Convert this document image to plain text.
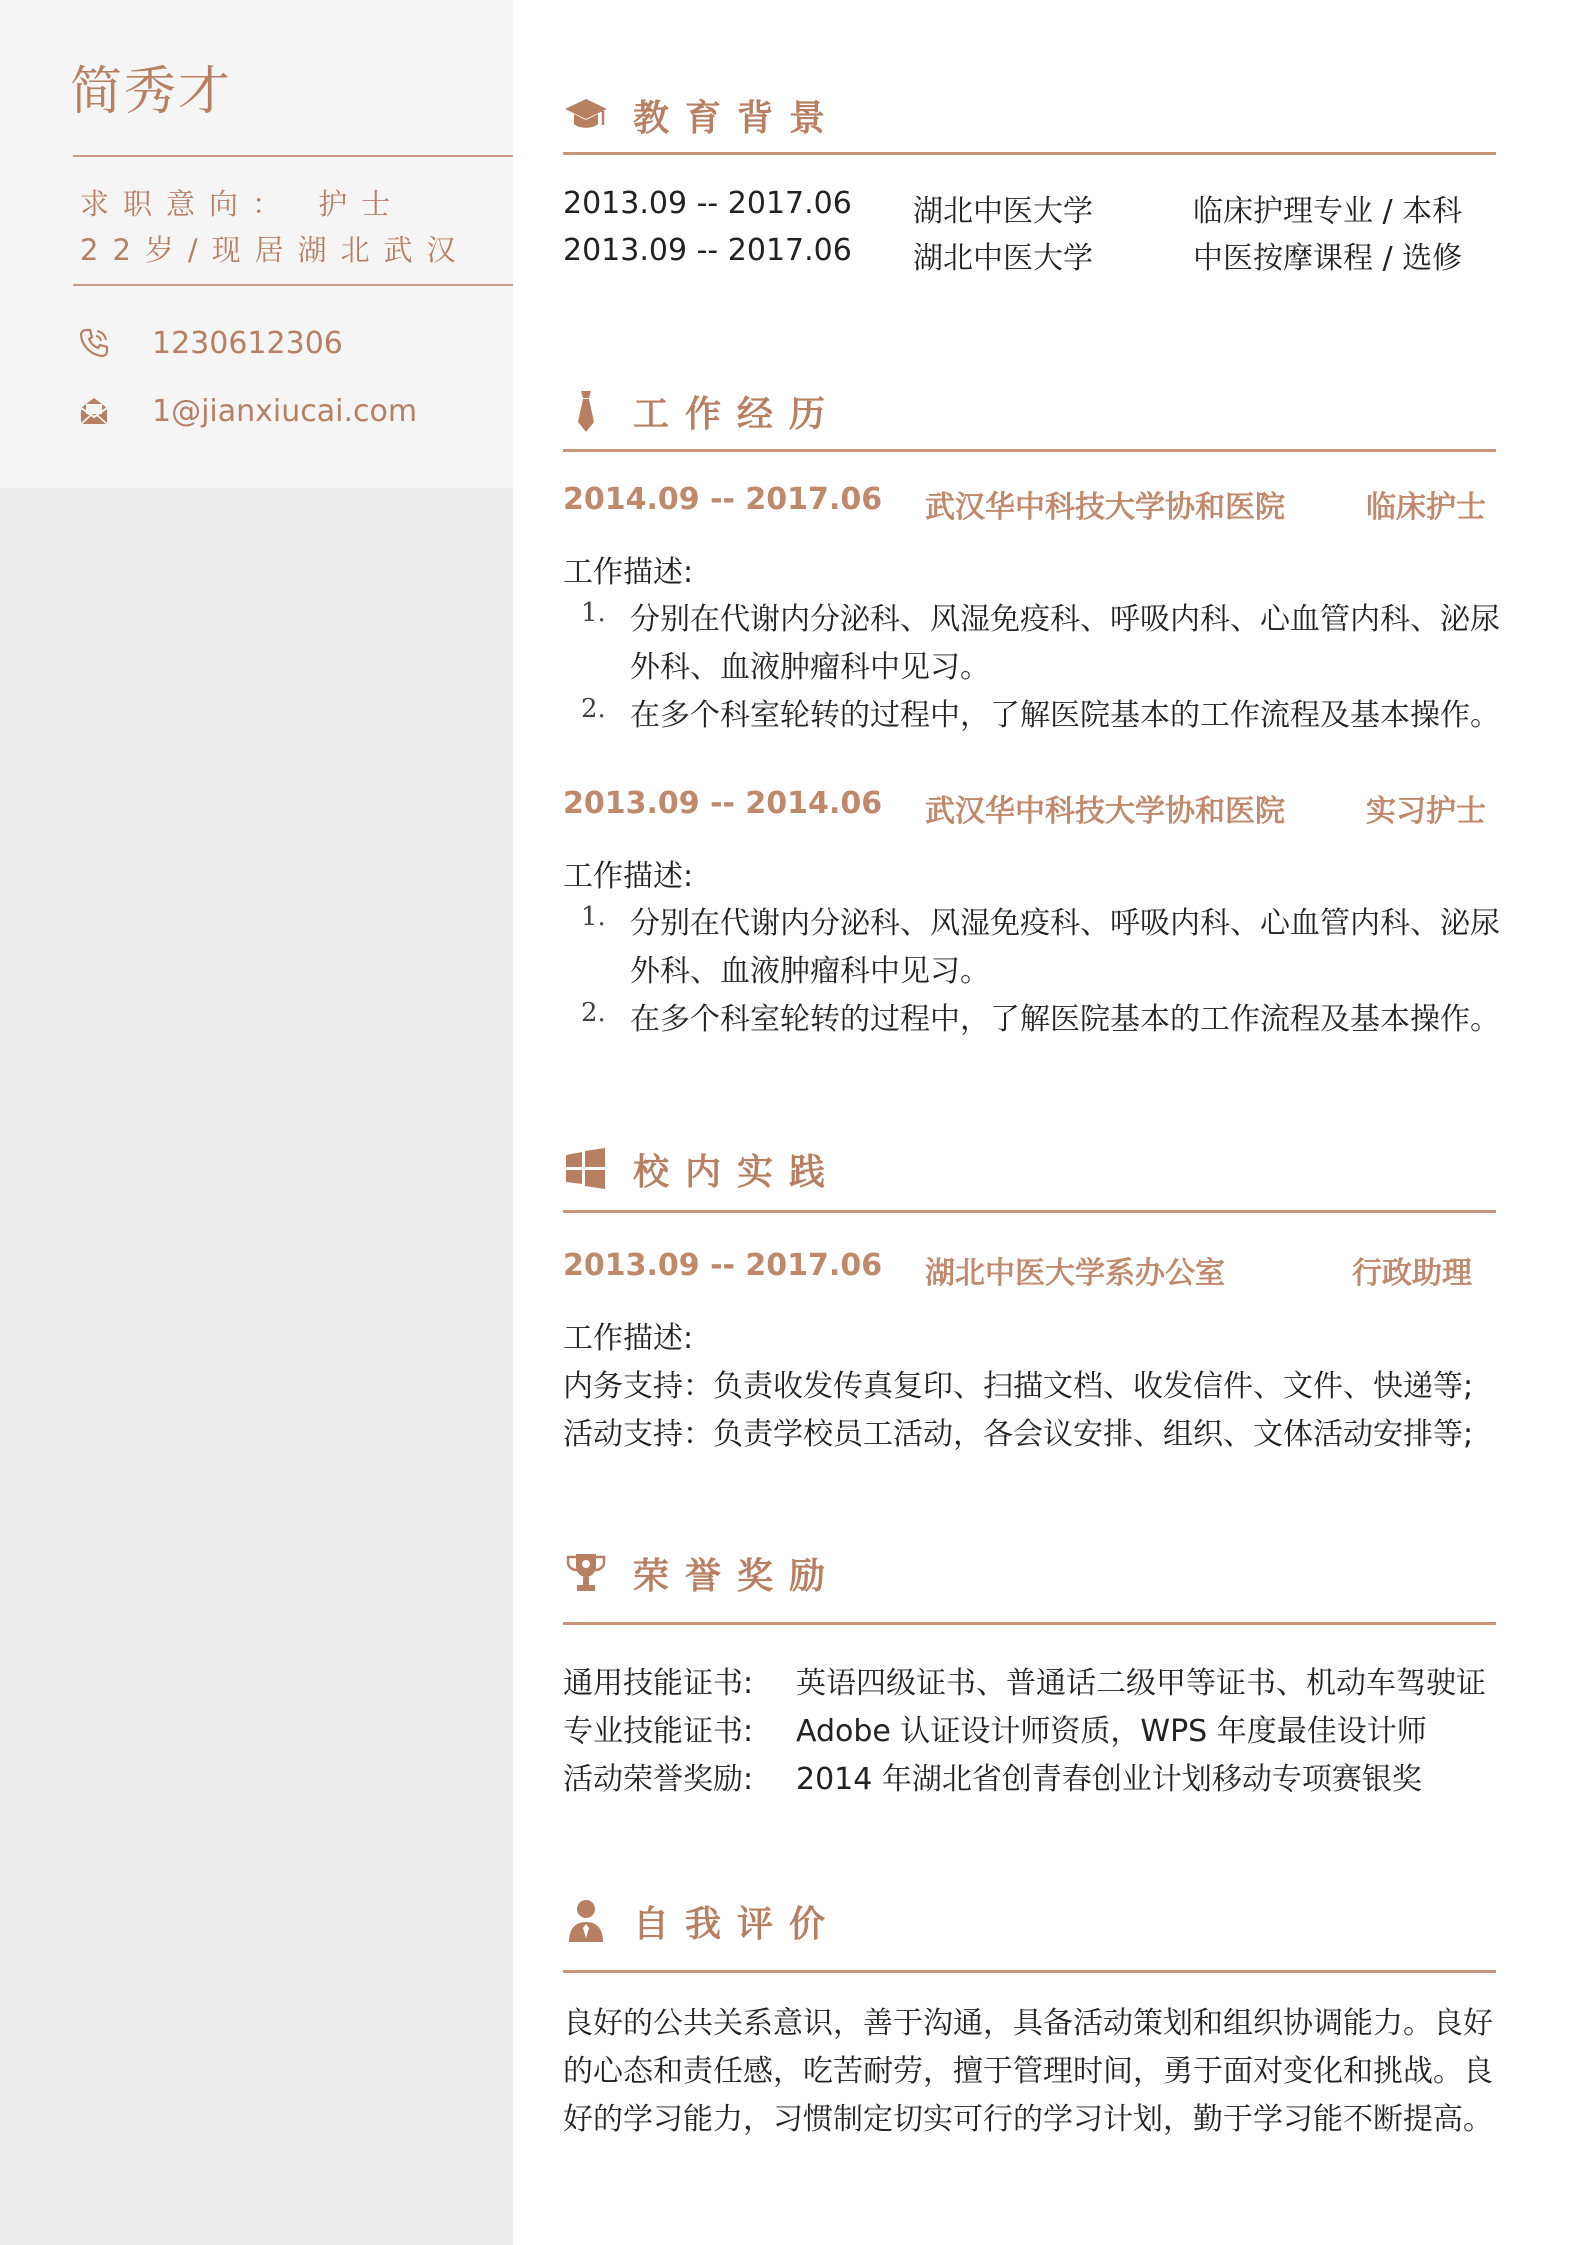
简秀才
求职意向： 护士
22岁/现居湖北武汉
1230612306
1@jianxiucai.com
教育背景
2013.09 -- 2017.06 湖北中医大学	临床护理专业 / 本科
2013.09 -- 2017.06 湖北中医大学	中医按摩课程 / 选修
工作经历
2014.09 -- 2017.06 武汉华中科技大学协和医院	临床护士
工作描述:
1. 分别在代谢内分泌科、风湿免疫科、呼吸内科、心血管内科、泌尿
外科、血液肿瘤科中见习。
2. 在多个科室轮转的过程中，了解医院基本的工作流程及基本操作。
2013.09 -- 2014.06 武汉华中科技大学协和医院	实习护士
工作描述:
1. 分别在代谢内分泌科、风湿免疫科、呼吸内科、心血管内科、泌尿
外科、血液肿瘤科中见习。
2. 在多个科室轮转的过程中，了解医院基本的工作流程及基本操作。
校内实践
2013.09 -- 2017.06 湖北中医大学系办公室	行政助理
工作描述:
内务支持：负责收发传真复印、扫描文档、收发信件、文件、快递等;
活动支持：负责学校员工活动，各会议安排、组织、文体活动安排等;
荣誉奖励
通用技能证书: 英语四级证书、普通话二级甲等证书、机动车驾驶证
专业技能证书: Adobe 认证设计师资质，WPS 年度最佳设计师
活动荣誉奖励: 2014 年湖北省创青春创业计划移动专项赛银奖
自我评价
良好的公共关系意识，善于沟通，具备活动策划和组织协调能力。良好的心态和责任感，吃苦耐劳，擅于管理时间，勇于面对变化和挑战。良好的学习能力，习惯制定切实可行的学习计划，勤于学习能不断提高。
